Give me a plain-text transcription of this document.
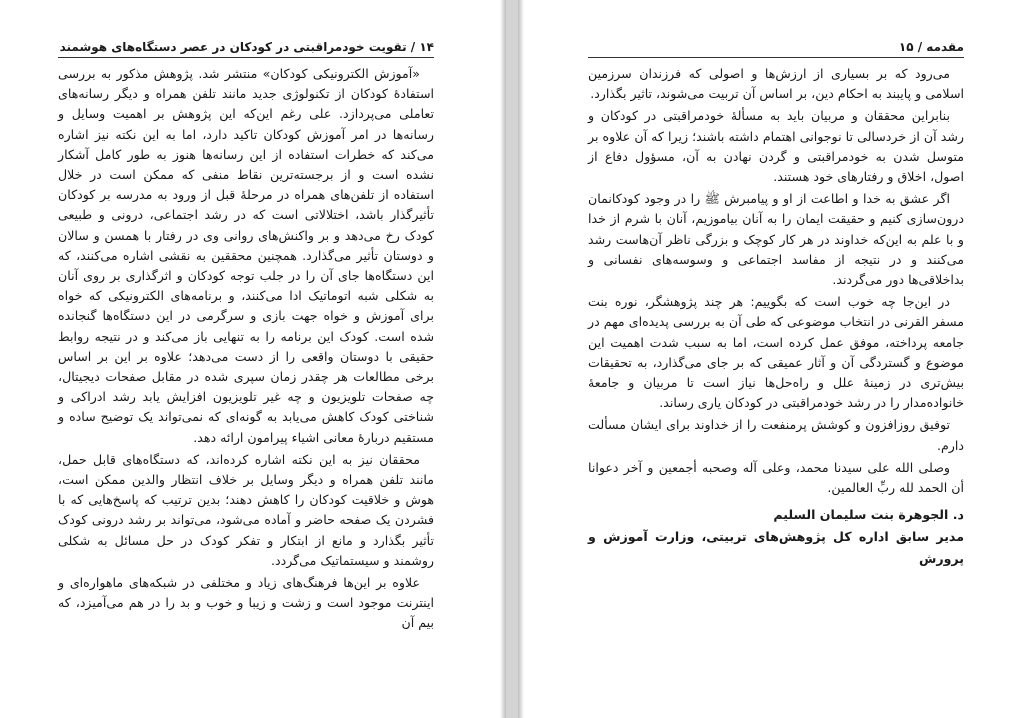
۱۴ / تقویت خودمراقبتی در کودکان در عصر دستگاه‌های هوشمند

«آموزش الکترونیکی کودکان» منتشر شد. پژوهش مذکور به بررسی استفادهٔ کودکان از تکنولوژی جدید مانند تلفن همراه و دیگر رسانه‌های تعاملی می‌پردازد. علی رغم این‌که این پژوهش بر اهمیت وسایل و رسانه‌ها در امر آموزش کودکان تاکید دارد، اما به این نکته نیز اشاره می‌کند که خطرات استفاده از این رسانه‌ها هنوز به طور کامل آشکار نشده است و از برجسته‌ترین نقاط منفی که ممکن است در خلال استفاده از تلفن‌های همراه در مرحلهٔ قبل از ورود به مدرسه بر کودکان تأثیرگذار باشد، اختلالاتی است که در رشد اجتماعی، درونی و طبیعی کودک رخ می‌دهد و بر واکنش‌های روانی وی در رفتار با همسن و سالان و دوستان تأثیر می‌گذارد. همچنین محققین به نقشی اشاره می‌کنند، که این دستگاه‌ها جای آن را در جلب توجه کودکان و اثرگذاری بر روی آنان به شکلی شبه اتوماتیک ادا می‌کنند، و برنامه‌های الکترونیکی که خواه برای آموزش و خواه جهت بازی و سرگرمی در این دستگاه‌ها گنجانده شده است. کودک این برنامه را به تنهایی باز می‌کند و در نتیجه روابط حقیقی با دوستان واقعی را از دست می‌دهد؛ علاوه بر این بر اساس برخی مطالعات هر چقدر زمان سپری شده در مقابل صفحات دیجیتال، چه صفحات تلویزیون و چه غیر تلویزیون افزایش یابد رشد ادراکی و شناختی کودک کاهش می‌یابد به گونه‌ای که نمی‌تواند یک توضیح ساده و مستقیم دربارهٔ معانی اشیاء پیرامون ارائه دهد.

محققان نیز به این نکته اشاره کرده‌اند، که دستگاه‌های قابل حمل، مانند تلفن همراه و دیگر وسایل بر خلاف انتظار والدین ممکن است، هوش و خلاقیت کودکان را کاهش دهند؛ بدین ترتیب که پاسخ‌هایی که با فشردن یک صفحه حاضر و آماده می‌شود، می‌تواند بر رشد درونی کودک تأثیر بگذارد و مانع از ابتکار و تفکر کودک در حل مسائل به شکلی روشمند و سیستماتیک می‌گردد.

علاوه بر این‌ها فرهنگ‌های زیاد و مختلفی در شبکه‌های ماهواره‌ای و اینترنت موجود است و زشت و زیبا و خوب و بد را در هم می‌آمیزد، که بیم آن

مقدمه / ۱۵

می‌رود که بر بسیاری از ارزش‌ها و اصولی که فرزندان سرزمین اسلامی و پایبند به احکام دین، بر اساس آن تربیت می‌شوند، تاثیر بگذارد.

بنابراین محققان و مربیان باید به مسألهٔ خودمراقبتی در کودکان و رشد آن از خردسالی تا نوجوانی اهتمام داشته باشند؛ زیرا که آن علاوه بر متوسل شدن به خودمراقبتی و گردن نهادن به آن، مسؤول دفاع از اصول، اخلاق و رفتارهای خود هستند.

اگر عشق به خدا و اطاعت از او و پیامبرش ﷺ را در وجود کودکانمان درون‌سازی کنیم و حقیقت ایمان را به آنان بیاموزیم، آنان با شرم از خدا و با علم به این‌که خداوند در هر کار کوچک و بزرگی ناظر آن‌هاست رشد می‌کنند و در نتیجه از مفاسد اجتماعی و وسوسه‌های نفسانی و بداخلاقی‌ها دور می‌گردند.

در این‌جا چه خوب است که بگوییم: هر چند پژوهشگر، نوره بنت مسفر القرنی در انتخاب موضوعی که طی آن به بررسی پدیده‌ای مهم در جامعه پرداخته، موفق عمل کرده است، اما به سبب شدت اهمیت این موضوع و گستردگی آن و آثار عمیقی که بر جای می‌گذارد، به تحقیقات بیش‌تری در زمینهٔ علل و راه‌حل‌ها نیاز است تا مربیان و جامعهٔ خانواده‌مدار را در رشد خودمراقبتی در کودکان یاری رساند.

توفیق روزافزون و کوشش پرمنفعت را از خداوند برای ایشان مسألت دارم.

وصلی الله علی سیدنا محمد، وعلی آله وصحبه أجمعین و آخر دعوانا أن الحمد لله ربِّ العالمین.

د. الجوهرة بنت سلیمان السلیم

مدیر سابق اداره کل پژوهش‌های تربیتی، وزارت آموزش و پرورش
